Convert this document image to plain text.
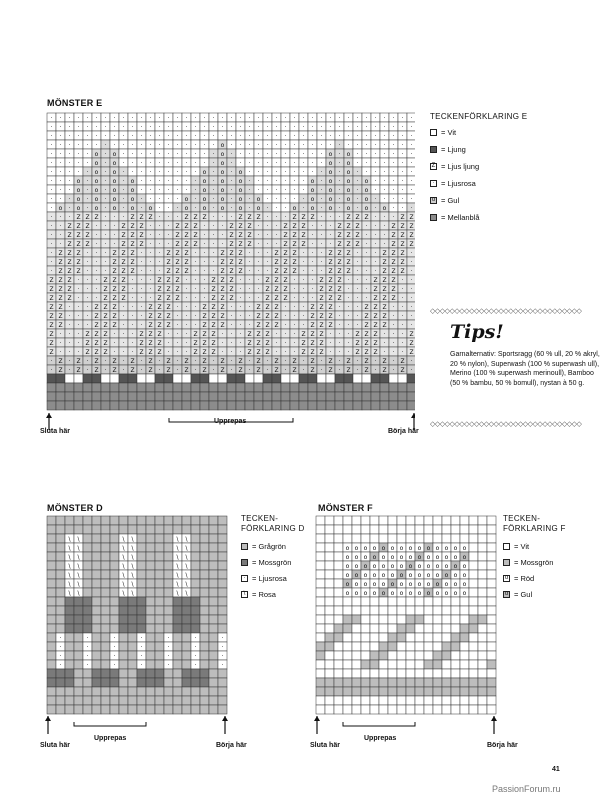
MÖNSTER E
· · · · · · · · · · · · · · · · · · · · · · · · · · · · · · · · · · · · · · · · ·
· · · · · · · · · · · · · · · · · · · · · · · · · · · · · · · · · · · · · · · · ·
· · · · · · · · · · · · · · · · · · · · · · · · · · · · · · · · · · · · · · · · ·
· · · · · · · · · · · · · · · · · · · o · · · · · · · · · · · · · · · · · · · · ·
· · · · · o · o · · · · · · · · · · · o · · · · · · · · · · · o · o · · · · · · ·
· · · · · o · o · · · · · · · · · · · o · · · · · · · · · · · o · o · · · · · · ·
· · · · · o · o · · · · · · · · · o · o · o · · · · · · · · · o · o · · · · · · ·
· · · o · o · o · o · · · · · · · o · o · o · · · · · · · o · o · o · o · · · · ·
· · · o · o · o · o · · · · · · · o · o · o · · · · · · · o · o · o · o · · · · ·
· · · o · o · o · o · · · · · o · o · o · o · o · · · · · o · o · o · o · · · · ·
· o · o · o · o · o · o · · · o · o · o · o · o · · · o · o · o · o · o · o · · ·
· · · Z Z Z · · · Z Z Z · · · Z Z Z · · · Z Z Z · · · Z Z Z · · · Z Z Z · · · Z Z
· · Z Z Z · · · Z Z Z · · · Z Z Z · · · Z Z Z · · · Z Z Z · · · Z Z Z · · · Z Z Z
· · Z Z Z · · · Z Z Z · · · Z Z Z · · · Z Z Z · · · Z Z Z · · · Z Z Z · · · Z Z Z
· · Z Z Z · · · Z Z Z · · · Z Z Z · · · Z Z Z · · · Z Z Z · · · Z Z Z · · · Z Z Z
· Z Z Z · · · Z Z Z · · · Z Z Z · · · Z Z Z · · · Z Z Z · · · Z Z Z · · · Z Z Z ·
· Z Z Z · · · Z Z Z · · · Z Z Z · · · Z Z Z · · · Z Z Z · · · Z Z Z · · · Z Z Z ·
· Z Z Z · · · Z Z Z · · · Z Z Z · · · Z Z Z · · · Z Z Z · · · Z Z Z · · · Z Z Z ·
Z Z Z · · · Z Z Z · · · Z Z Z · · · Z Z Z · · · Z Z Z · · · Z Z Z · · · Z Z Z · ·
Z Z Z · · · Z Z Z · · · Z Z Z · · · Z Z Z · · · Z Z Z · · · Z Z Z · · · Z Z Z · ·
Z Z Z · · · Z Z Z · · · Z Z Z · · · Z Z Z · · · Z Z Z · · · Z Z Z · · · Z Z Z · ·
Z Z · · · Z Z Z · · · Z Z Z · · · Z Z Z · · · Z Z Z · · · Z Z Z · · · Z Z Z · · ·
Z Z · · · Z Z Z · · · Z Z Z · · · Z Z Z · · · Z Z Z · · · Z Z Z · · · Z Z Z · · ·
Z Z · · · Z Z Z · · · Z Z Z · · · Z Z Z · · · Z Z Z · · · Z Z Z · · · Z Z Z · · ·
Z · · · Z Z Z · · · Z Z Z · · · Z Z Z · · · Z Z Z · · · Z Z Z · · · Z Z Z · · · Z
Z · · · Z Z Z · · · Z Z Z · · · Z Z Z · · · Z Z Z · · · Z Z Z · · · Z Z Z · · · Z
Z · · · Z Z Z · · · Z Z Z · · · Z Z Z · · · Z Z Z · · · Z Z Z · · · Z Z Z · · · Z
· Z · Z · Z · Z · Z · Z · Z · Z · Z · Z · Z · Z · Z · Z · Z · Z · Z · Z · Z · Z ·
· Z · Z · Z · Z · Z · Z · Z · Z · Z · Z · Z · Z · Z · Z · Z · Z · Z · Z · Z · Z ·
Sluta här	Börja här
Upprepas
TECKENFÖRKLARING E
= Vit
= Ljung
Z = Ljus ljung
· = Ljusrosa
o = Gul
= Mellanblå
◇◇◇◇◇◇◇◇◇◇◇◇◇◇◇◇◇◇◇◇◇◇◇◇◇◇◇◇◇◇◇
Tips!
Garnalternativ: Sportsragg (60 % ull, 20 % akryl, 20 % nylon), Superwash (100 % superwash ull), Merino (100 % superwash merinoull), Bamboo (50 % bambu, 50 % bomull), nystan à 50 g.
◇◇◇◇◇◇◇◇◇◇◇◇◇◇◇◇◇◇◇◇◇◇◇◇◇◇◇◇◇◇◇
MÖNSTER D
\ \	\ \	\ \
\ \	\ \	\ \
\ \	\ \	\ \
\ \	\ \	\ \
\ \	\ \	\ \
\ \	\ \	\ \
\ \	\ \	\ \
·	·	·	·	·	·	·
·	·	·	·	·	·	·
·	·	·	·	·	·	·
·	·	·	·	·	·	·
Sluta här	Börja här
Upprepas
TECKEN-
FÖRKLARING D
= Grågrön
= Mossgrön
· = Ljusrosa
\ = Rosa
MÖNSTER F
o o o o o o o o o o o o o o
o o o o o o o o o o o o o o
o o o o o o o o o o o o o o
o o o o o o o o o o o o o o
o o o o o o o o o o o o o o
o o o o o o o o o o o o o o
Sluta här	Börja här
Upprepas
TECKEN-
FÖRKLARING F
= Vit
= Mossgrön
o = Röd
o = Gul
41
PassionForum.ru
